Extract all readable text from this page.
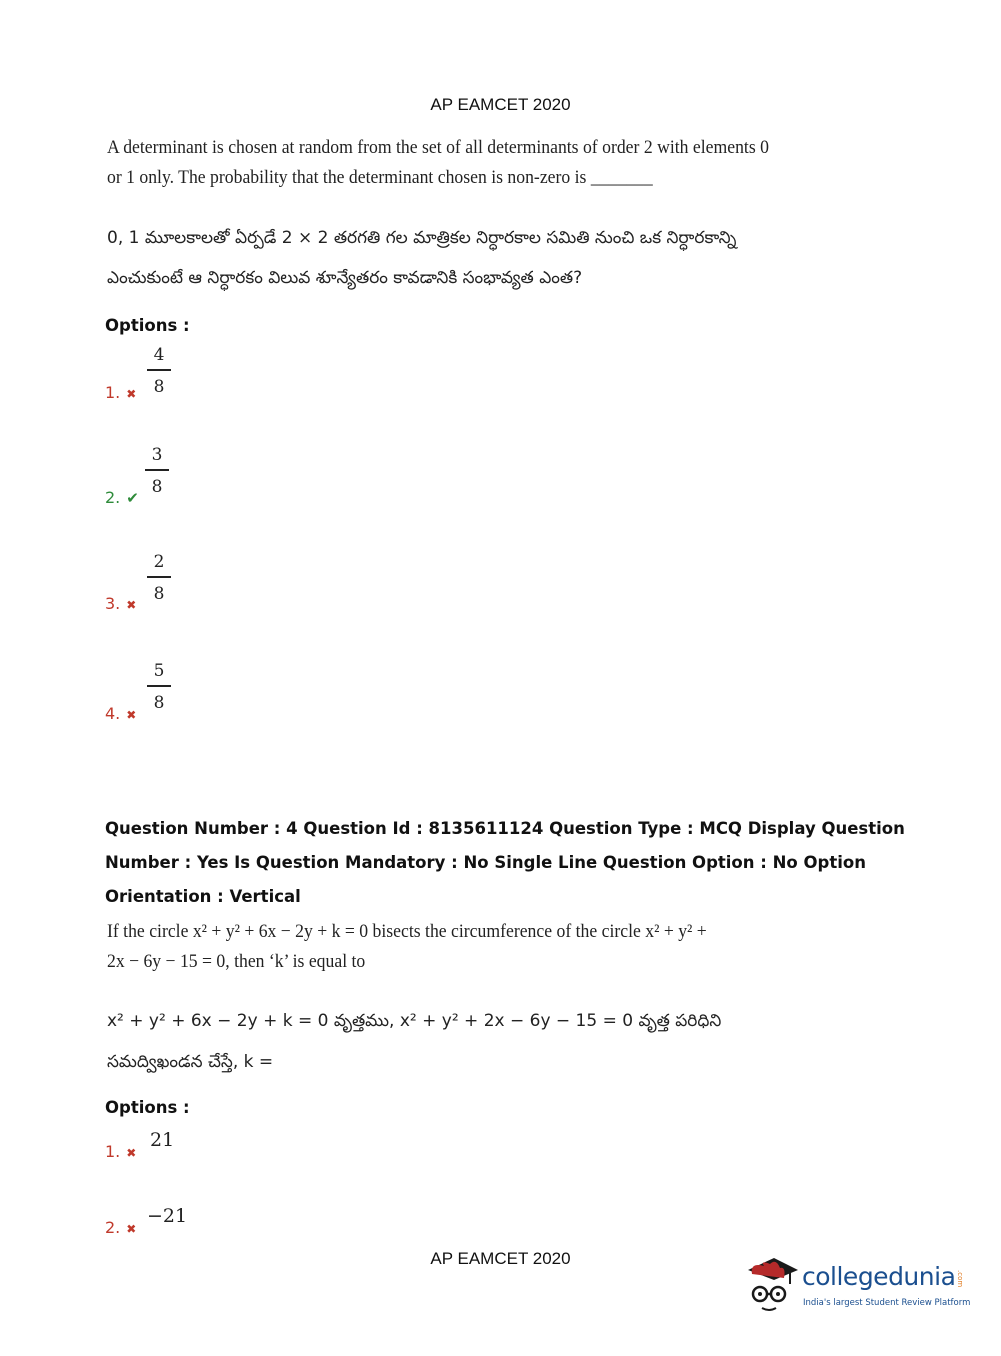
AP EAMCET 2020
A determinant is chosen at random from the set of all determinants of order 2 with elements 0
or 1 only. The probability that the determinant chosen is non-zero is _______
0, 1 మూలకాలతో ఏర్పడే 2 × 2 తరగతి గల మాత్రికల నిర్ధారకాల సమితి నుంచి ఒక నిర్ధారకాన్ని
ఎంచుకుంటే ఆ నిర్ధారకం విలువ శూన్యేతరం కావడానికి సంభావ్యత ఎంత?
Options :
1. ✖
4
8
2. ✔
3
8
3. ✖
2
8
4. ✖
5
8
Question Number : 4 Question Id : 8135611124 Question Type : MCQ Display Question
Number : Yes Is Question Mandatory : No Single Line Question Option : No Option
Orientation : Vertical
If the circle x² + y² + 6x − 2y + k = 0 bisects the circumference of the circle x² + y² +
2x − 6y − 15 = 0, then ‘k’ is equal to
x² + y² + 6x − 2y + k = 0 వృత్తము, x² + y² + 2x − 6y − 15 = 0 వృత్త పరిధిని
సమద్విఖండన చేస్తే, k =
Options :
1. ✖
21
2. ✖
−21
AP EAMCET 2020
collegedunia .com
India's largest Student Review Platform
